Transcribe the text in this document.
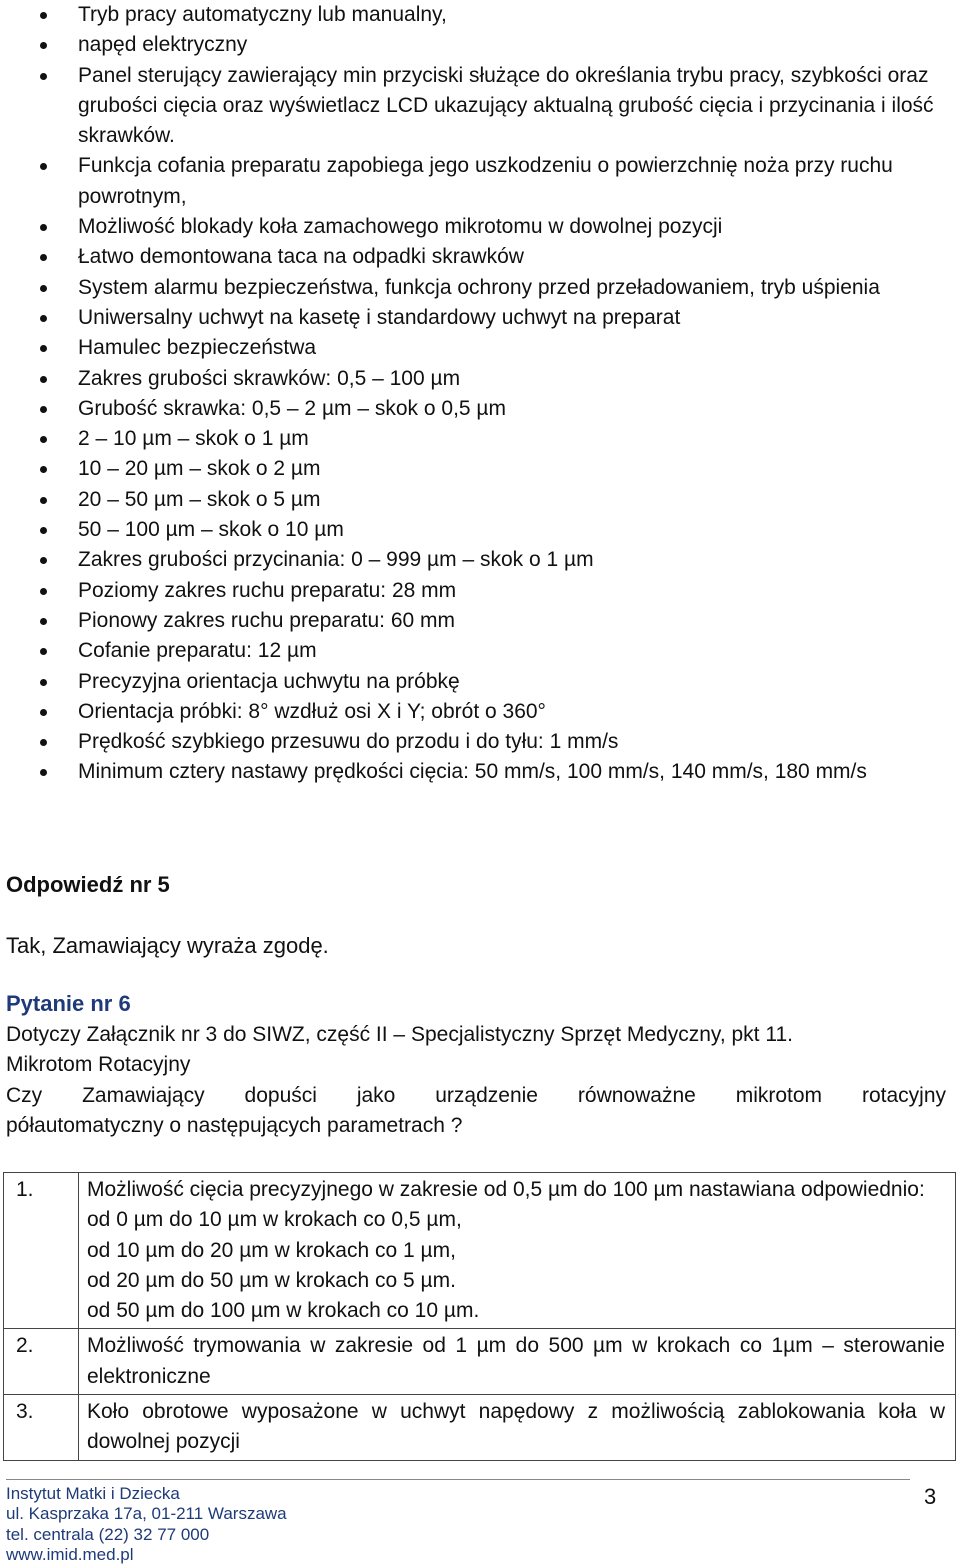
Tryb pracy automatyczny lub manualny,
napęd elektryczny
Panel sterujący zawierający min przyciski służące do określania trybu pracy, szybkości oraz grubości cięcia oraz wyświetlacz LCD ukazujący aktualną grubość cięcia i przycinania i ilość skrawków.
Funkcja cofania preparatu zapobiega jego uszkodzeniu o powierzchnię noża przy ruchu powrotnym,
Możliwość blokady koła zamachowego mikrotomu w dowolnej pozycji
Łatwo demontowana taca na odpadki skrawków
System alarmu bezpieczeństwa, funkcja ochrony przed przeładowaniem, tryb uśpienia
Uniwersalny uchwyt na kasetę i standardowy uchwyt na preparat
Hamulec bezpieczeństwa
Zakres grubości skrawków: 0,5 – 100 µm
Grubość skrawka: 0,5 – 2 µm – skok o 0,5 µm
2 – 10 µm – skok o 1 µm
10 – 20 µm – skok o 2 µm
20 – 50 µm – skok o 5 µm
50 – 100 µm – skok o 10 µm
Zakres grubości przycinania: 0 – 999 µm – skok o 1 µm
Poziomy zakres ruchu preparatu: 28 mm
Pionowy zakres ruchu preparatu: 60 mm
Cofanie preparatu: 12 µm
Precyzyjna orientacja uchwytu na próbkę
Orientacja próbki: 8° wzdłuż osi X i Y; obrót o 360°
Prędkość szybkiego przesuwu do przodu i do tyłu: 1 mm/s
Minimum cztery nastawy prędkości cięcia: 50 mm/s, 100 mm/s, 140 mm/s, 180 mm/s

Odpowiedź nr 5

Tak, Zamawiający wyraża zgodę.

Pytanie nr 6

Dotyczy Załącznik nr 3 do SIWZ, część II – Specjalistyczny Sprzęt Medyczny, pkt 11.

Mikrotom Rotacyjny

Czy Zamawiający dopuści jako urządzenie równoważne mikrotom rotacyjny

półautomatyczny o następujących parametrach ?

1.	Możliwość cięcia precyzyjnego w zakresie od 0,5 µm do 100 µm nastawiana odpowiednio:
od 0 µm do 10 µm w krokach co 0,5 µm,
od 10 µm do 20 µm w krokach co 1 µm,
od 20 µm do 50 µm w krokach co 5 µm.
od 50 µm do 100 µm w krokach co 10 µm.

2.	Możliwość trymowania w zakresie od 1 µm do 500 µm w krokach co 1µm – sterowanie elektroniczne

3.	Koło obrotowe wyposażone w uchwyt napędowy z możliwością zablokowania koła w dowolnej pozycji
Instytut Matki i Dziecka
ul. Kasprzaka 17a, 01-211 Warszawa
tel. centrala (22) 32 77 000
www.imid.med.pl
3
